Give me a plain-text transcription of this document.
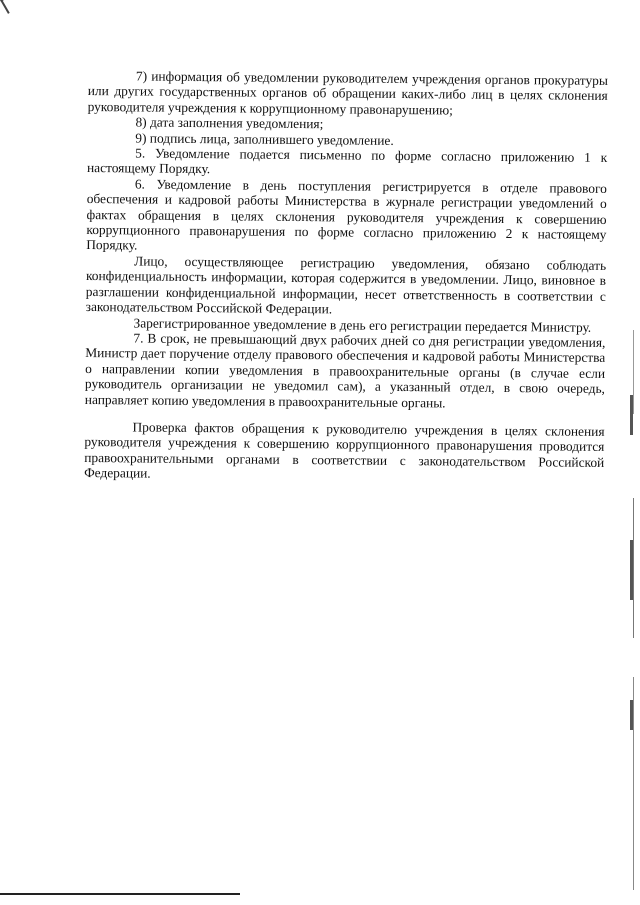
7) информация об уведомлении руководителем учреждения органов прокуратуры или других государственных органов об обращении каких-либо лиц в целях склонения руководителя учреждения к коррупционному правонарушению;

8) дата заполнения уведомления;

9) подпись лица, заполнившего уведомление.

5. Уведомление подается письменно по форме согласно приложению 1 к настоящему Порядку.

6. Уведомление в день поступления регистрируется в отделе правового обеспечения и кадровой работы Министерства в журнале регистрации уведомлений о фактах обращения в целях склонения руководителя учреждения к совершению коррупционного правонарушения по форме согласно приложению 2 к настоящему Порядку.

Лицо, осуществляющее регистрацию уведомления, обязано соблюдать конфиденциальность информации, которая содержится в уведомлении. Лицо, виновное в разглашении конфиденциальной информации, несет ответственность в соответствии с законодательством Российской Федерации.

Зарегистрированное уведомление в день его регистрации передается Министру.

7. В срок, не превышающий двух рабочих дней со дня регистрации уведомления, Министр дает поручение отделу правового обеспечения и кадровой работы Министерства о направлении копии уведомления в правоохранительные органы (в случае если руководитель организации не уведомил сам), а указанный отдел, в свою очередь, направляет копию уведомления в правоохранительные органы.

Проверка фактов обращения к руководителю учреждения в целях склонения руководителя учреждения к совершению коррупционного правонарушения проводится правоохранительными органами в соответствии с законодательством Российской Федерации.
